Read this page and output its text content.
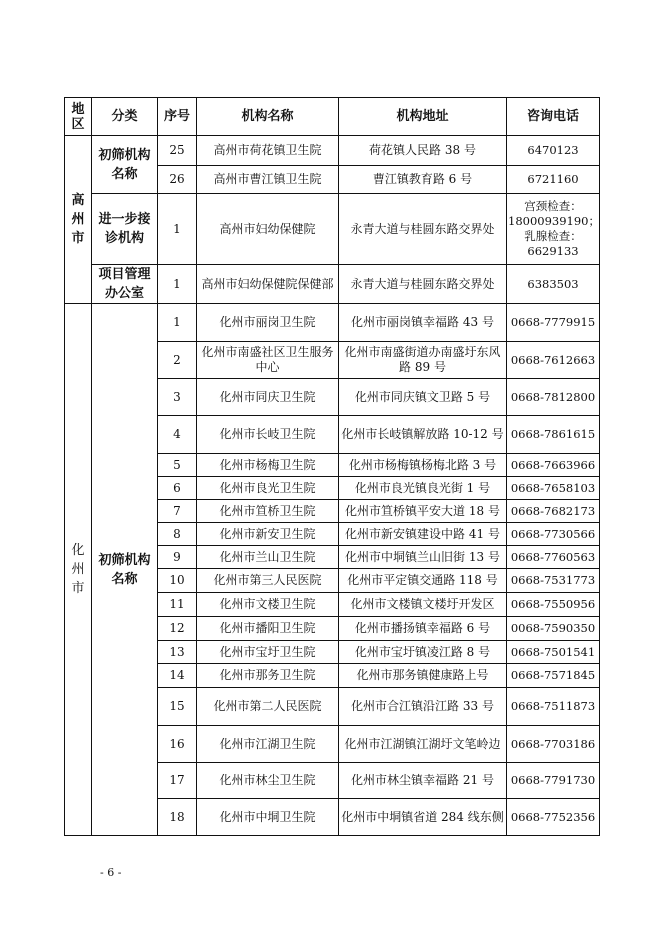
地区	分类	序号	机构名称	机构地址	咨询电话
高州市	初筛机构名称	25	高州市荷花镇卫生院	荷花镇人民路 38 号	6470123
		26	高州市曹江镇卫生院	曹江镇教育路 6 号	6721160
	进一步接诊机构	1	高州市妇幼保健院	永青大道与桂圆东路交界处	宫颈检查：18000939190；乳腺检查：6629133
	项目管理办公室	1	高州市妇幼保健院保健部	永青大道与桂圆东路交界处	6383503
化州市	初筛机构名称	1	化州市丽岗卫生院	化州市丽岗镇幸福路 43 号	0668-7779915
		2	化州市南盛社区卫生服务中心	化州市南盛街道办南盛圩东风路 89 号	0668-7612663
		3	化州市同庆卫生院	化州市同庆镇文卫路 5 号	0668-7812800
		4	化州市长岐卫生院	化州市长岐镇解放路 10-12 号	0668-7861615
		5	化州市杨梅卫生院	化州市杨梅镇杨梅北路 3 号	0668-7663966
		6	化州市良光卫生院	化州市良光镇良光街 1 号	0668-7658103
		7	化州市笪桥卫生院	化州市笪桥镇平安大道 18 号	0668-7682173
		8	化州市新安卫生院	化州市新安镇建设中路 41 号	0668-7730566
		9	化州市兰山卫生院	化州市中垌镇兰山旧街 13 号	0668-7760563
		10	化州市第三人民医院	化州市平定镇交通路 118 号	0668-7531773
		11	化州市文楼卫生院	化州市文楼镇文楼圩开发区	0668-7550956
		12	化州市播阳卫生院	化州市播扬镇幸福路 6 号	0068-7590350
		13	化州市宝圩卫生院	化州市宝圩镇凌江路 8 号	0668-7501541
		14	化州市那务卫生院	化州市那务镇健康路上号	0668-7571845
		15	化州市第二人民医院	化州市合江镇沿江路 33 号	0668-7511873
		16	化州市江湖卫生院	化州市江湖镇江湖圩文笔岭边	0668-7703186
		17	化州市林尘卫生院	化州市林尘镇幸福路 21 号	0668-7791730
		18	化州市中垌卫生院	化州市中垌镇省道 284 线东侧	0668-7752356
- 6 -
